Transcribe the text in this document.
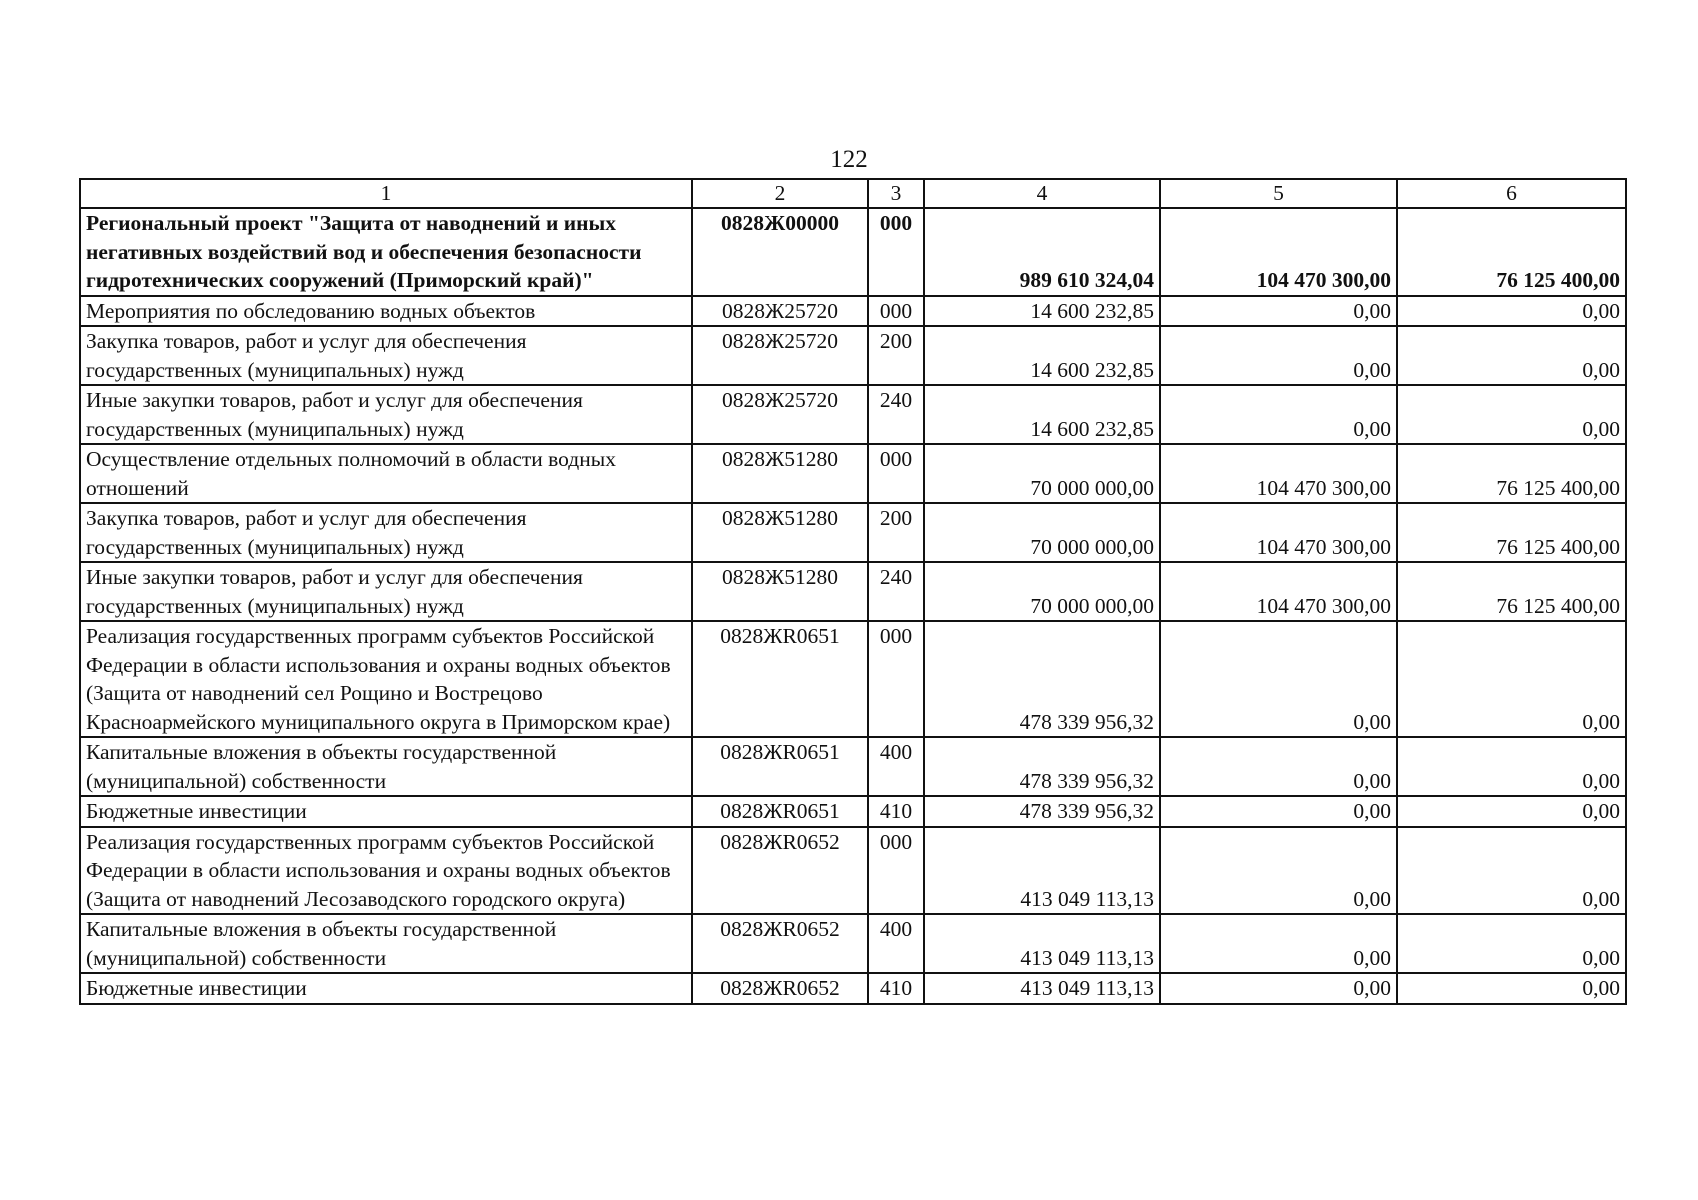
122
1	2	3	4	5	6
Региональный проект "Защита от наводнений и иных негативных воздействий вод и обеспечения безопасности гидротехнических сооружений (Приморский край)"	0828Ж00000	000	989 610 324,04	104 470 300,00	76 125 400,00
Мероприятия по обследованию водных объектов	0828Ж25720	000	14 600 232,85	0,00	0,00
Закупка товаров, работ и услуг для обеспечения государственных (муниципальных) нужд	0828Ж25720	200	14 600 232,85	0,00	0,00
Иные закупки товаров, работ и услуг для обеспечения государственных (муниципальных) нужд	0828Ж25720	240	14 600 232,85	0,00	0,00
Осуществление отдельных полномочий в области водных отношений	0828Ж51280	000	70 000 000,00	104 470 300,00	76 125 400,00
Закупка товаров, работ и услуг для обеспечения государственных (муниципальных) нужд	0828Ж51280	200	70 000 000,00	104 470 300,00	76 125 400,00
Иные закупки товаров, работ и услуг для обеспечения государственных (муниципальных) нужд	0828Ж51280	240	70 000 000,00	104 470 300,00	76 125 400,00
Реализация государственных программ субъектов Российской Федерации в области использования и охраны водных объектов (Защита от наводнений сел Рощино и Вострецово Красноармейского муниципального округа в Приморском крае)	0828ЖR0651	000	478 339 956,32	0,00	0,00
Капитальные вложения в объекты государственной (муниципальной) собственности	0828ЖR0651	400	478 339 956,32	0,00	0,00
Бюджетные инвестиции	0828ЖR0651	410	478 339 956,32	0,00	0,00
Реализация государственных программ субъектов Российской Федерации в области использования и охраны водных объектов (Защита от наводнений Лесозаводского городского округа)	0828ЖR0652	000	413 049 113,13	0,00	0,00
Капитальные вложения в объекты государственной (муниципальной) собственности	0828ЖR0652	400	413 049 113,13	0,00	0,00
Бюджетные инвестиции	0828ЖR0652	410	413 049 113,13	0,00	0,00
